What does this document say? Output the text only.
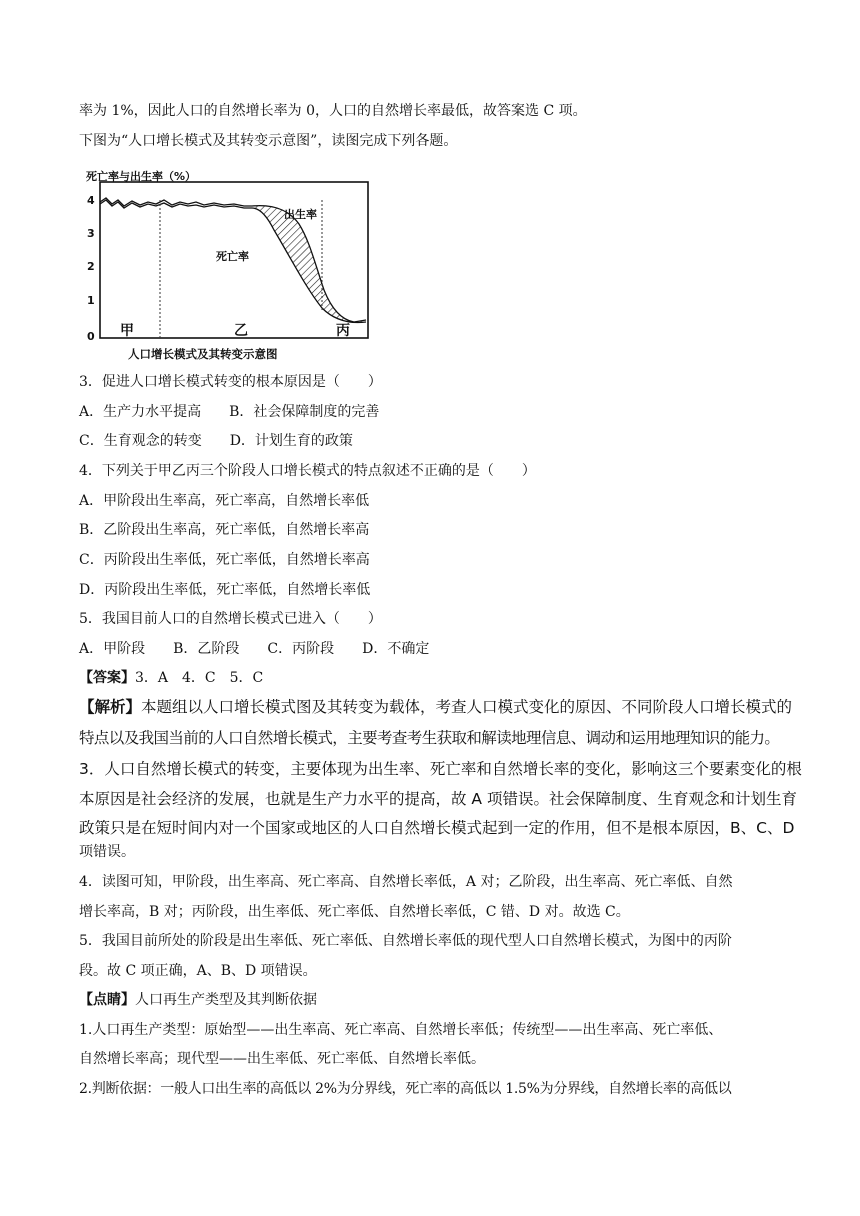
率为 1%，因此人口的自然增长率为 0，人口的自然增长率最低，故答案选 C 项。
下图为“人口增长模式及其转变示意图”，读图完成下列各题。
死亡率与出生率（%）
4
3
2
1
0
出生率
死亡率
甲	乙	丙
人口增长模式及其转变示意图
3．促进人口增长模式转变的根本原因是（　　）
A．生产力水平提高　　B．社会保障制度的完善
C．生育观念的转变　　D．计划生育的政策
4．下列关于甲乙丙三个阶段人口增长模式的特点叙述不正确的是（　　）
A．甲阶段出生率高，死亡率高，自然增长率低
B．乙阶段出生率高，死亡率低，自然增长率高
C．丙阶段出生率低，死亡率低，自然增长率高
D．丙阶段出生率低，死亡率低，自然增长率低
5．我国目前人口的自然增长模式已进入（　　）
A．甲阶段　　B．乙阶段　　C．丙阶段　　D．不确定
【答案】3．A　4．C　5．C
【解析】本题组以人口增长模式图及其转变为载体，考查人口模式变化的原因、不同阶段人口增长模式的
特点以及我国当前的人口自然增长模式，主要考查考生获取和解读地理信息、调动和运用地理知识的能力。
3．人口自然增长模式的转变，主要体现为出生率、死亡率和自然增长率的变化，影响这三个要素变化的根
本原因是社会经济的发展，也就是生产力水平的提高，故 A 项错误。社会保障制度、生育观念和计划生育
政策只是在短时间内对一个国家或地区的人口自然增长模式起到一定的作用，但不是根本原因，B、C、D
项错误。
4．读图可知，甲阶段，出生率高、死亡率高、自然增长率低，A 对；乙阶段，出生率高、死亡率低、自然
增长率高，B 对；丙阶段，出生率低、死亡率低、自然增长率低，C 错、D 对。故选 C。
5．我国目前所处的阶段是出生率低、死亡率低、自然增长率低的现代型人口自然增长模式，为图中的丙阶
段。故 C 项正确，A、B、D 项错误。
【点睛】人口再生产类型及其判断依据
1.人口再生产类型：原始型——出生率高、死亡率高、自然增长率低；传统型——出生率高、死亡率低、
自然增长率高；现代型——出生率低、死亡率低、自然增长率低。
2.判断依据：一般人口出生率的高低以 2%为分界线，死亡率的高低以 1.5%为分界线，自然增长率的高低以
